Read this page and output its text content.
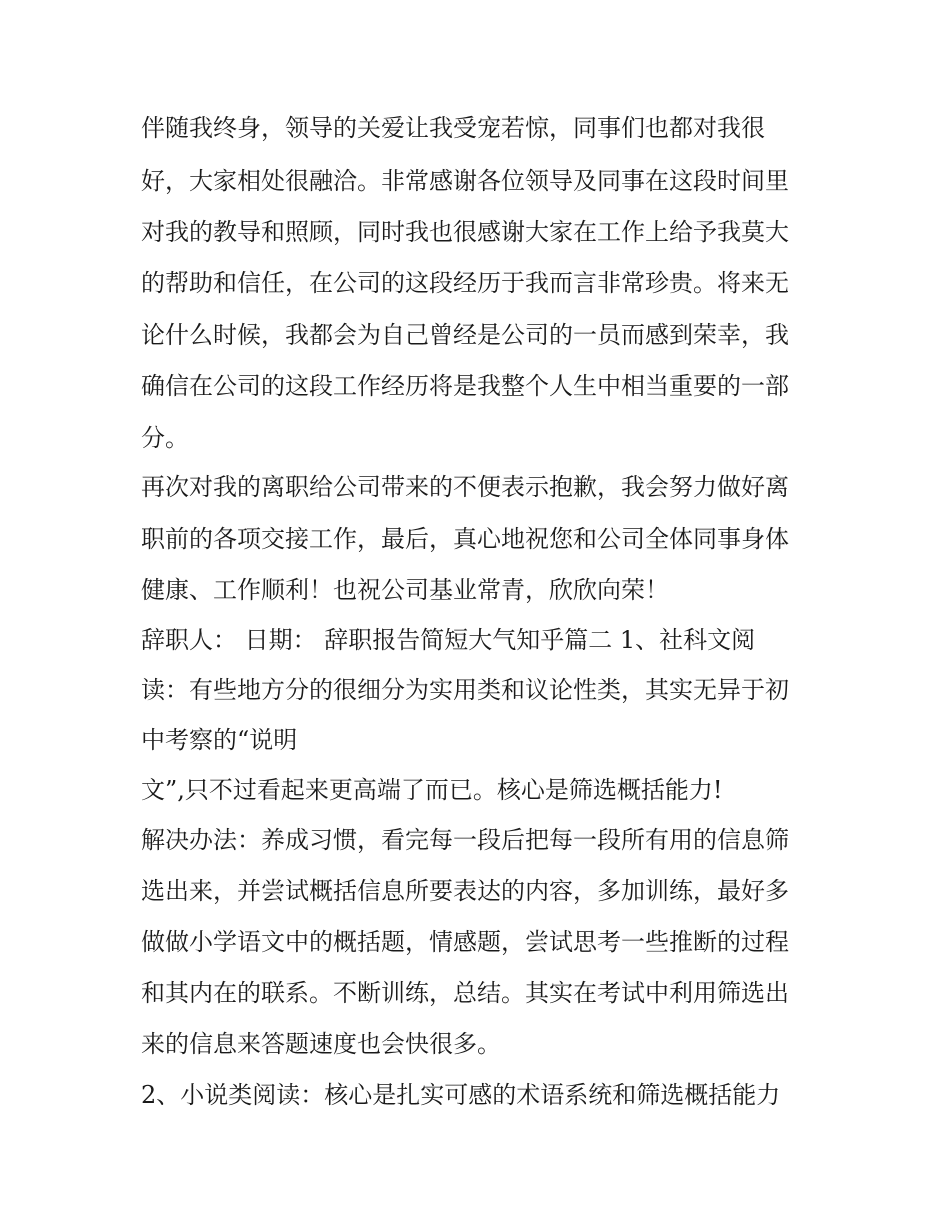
伴随我终身，领导的关爱让我受宠若惊，同事们也都对我很
好，大家相处很融洽。非常感谢各位领导及同事在这段时间里
对我的教导和照顾，同时我也很感谢大家在工作上给予我莫大
的帮助和信任，在公司的这段经历于我而言非常珍贵。将来无
论什么时候，我都会为自己曾经是公司的一员而感到荣幸，我
确信在公司的这段工作经历将是我整个人生中相当重要的一部
分。
再次对我的离职给公司带来的不便表示抱歉，我会努力做好离
职前的各项交接工作，最后，真心地祝您和公司全体同事身体
健康、工作顺利！也祝公司基业常青，欣欣向荣！
辞职人： 日期： 辞职报告简短大气知乎篇二 1、社科文阅
读：有些地方分的很细分为实用类和议论性类，其实无异于初
中考察的“说明
文”,只不过看起来更高端了而已。核心是筛选概括能力!
解决办法：养成习惯，看完每一段后把每一段所有用的信息筛
选出来，并尝试概括信息所要表达的内容，多加训练，最好多
做做小学语文中的概括题，情感题，尝试思考一些推断的过程
和其内在的联系。不断训练，总结。其实在考试中利用筛选出
来的信息来答题速度也会快很多。
2、小说类阅读：核心是扎实可感的术语系统和筛选概括能力
